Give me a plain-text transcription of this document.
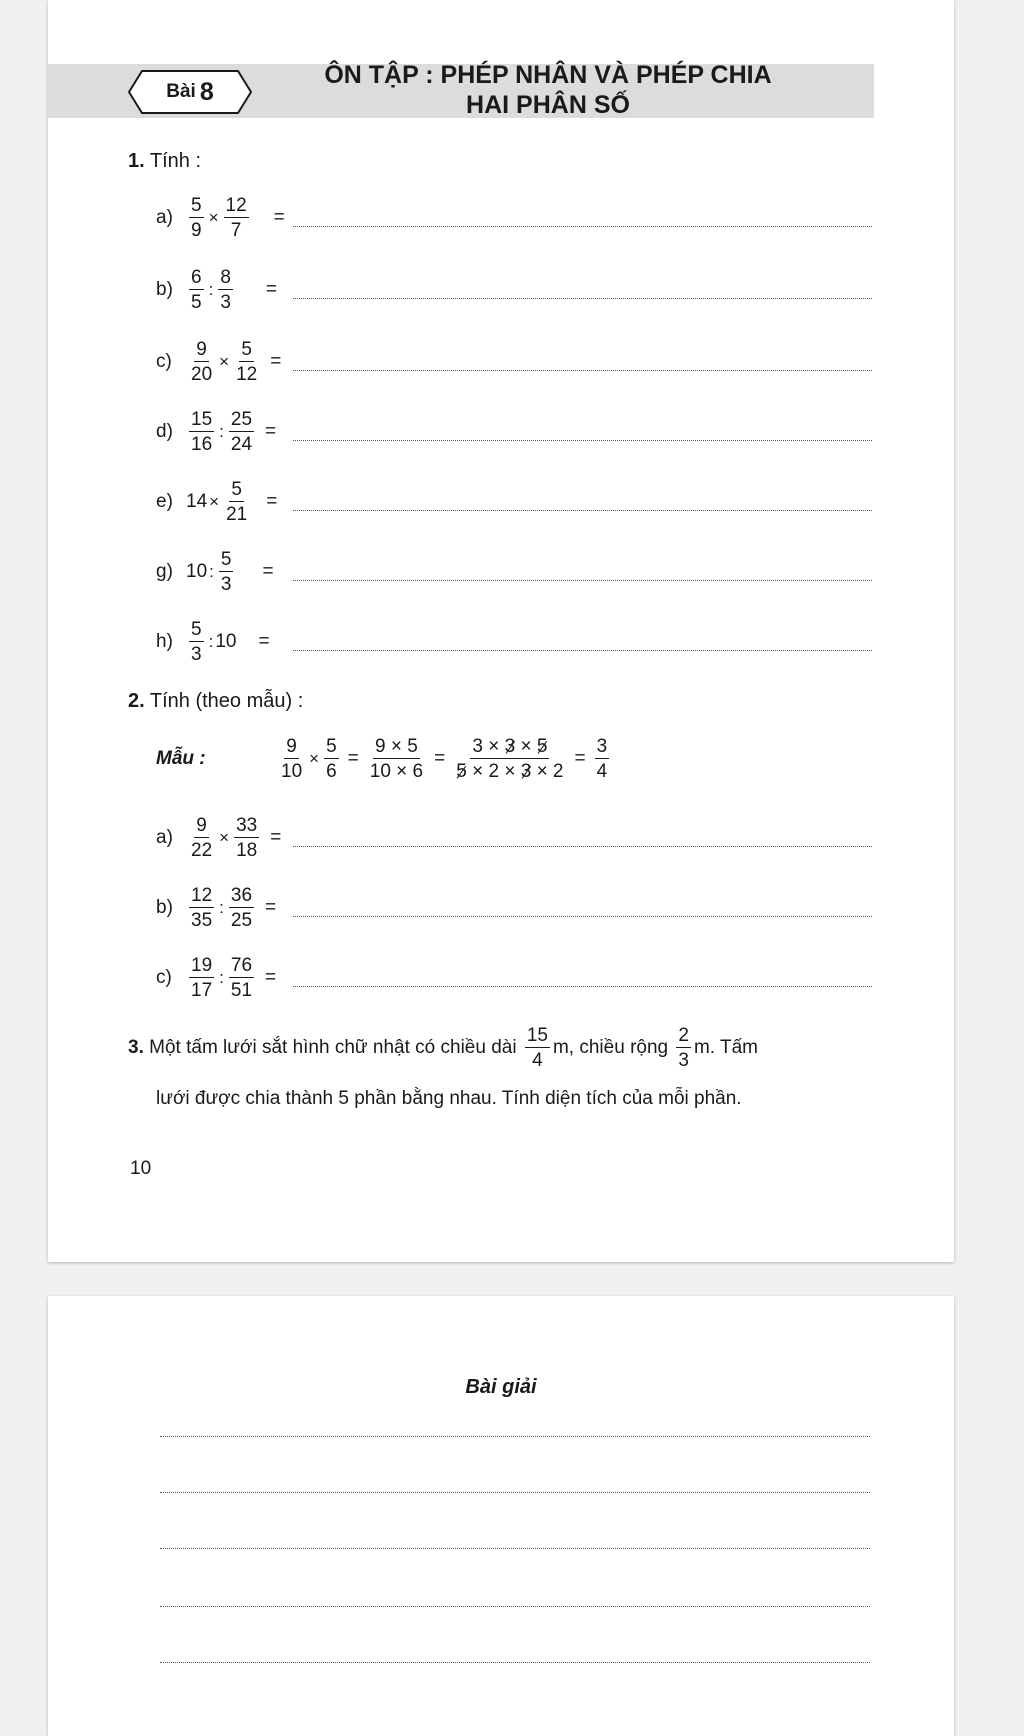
Bài 8
ÔN TẬP : PHÉP NHÂN VÀ PHÉP CHIA
HAI PHÂN SỐ
1. Tính :
$a) \frac{5}{9} \times \frac{12}{7}$ =
$b) \frac{6}{5}$ : $\frac{8}{3}$ =
$c) \frac{9}{20} \times \frac{5}{12}$ =
$d) \frac{15}{16}$ : $\frac{25}{24}$ =
e) $14 \times \frac{5}{21}$ =
g) 10 : $\frac{5}{3}$ =
$h) \frac{5}{3}$ : 10 =
2. Tính (theo mẫu) :
Mẫu :	$\frac{9}{10} \times \frac{5}{6} = \frac{9 \times 5}{10 \times 6} = \frac{3 \times 3 \times 5}{5 \times 2 \times 3 \times 2} = \frac{3}{4}$
$a) \frac{9}{22} \times \frac{33}{18}$ =
$b) \frac{12}{35}$ : $\frac{36}{25}$ =
$c) \frac{19}{17}$ : $\frac{76}{51}$ =
3. Một tấm lưới sắt hình chữ nhật có chiều dài $\frac{15}{4} m$, chiều rộng $\frac{2}{3} m$. Tấm
lưới được chia thành 5 phần bằng nhau. Tính diện tích của mỗi phần.
10
Bài giải
